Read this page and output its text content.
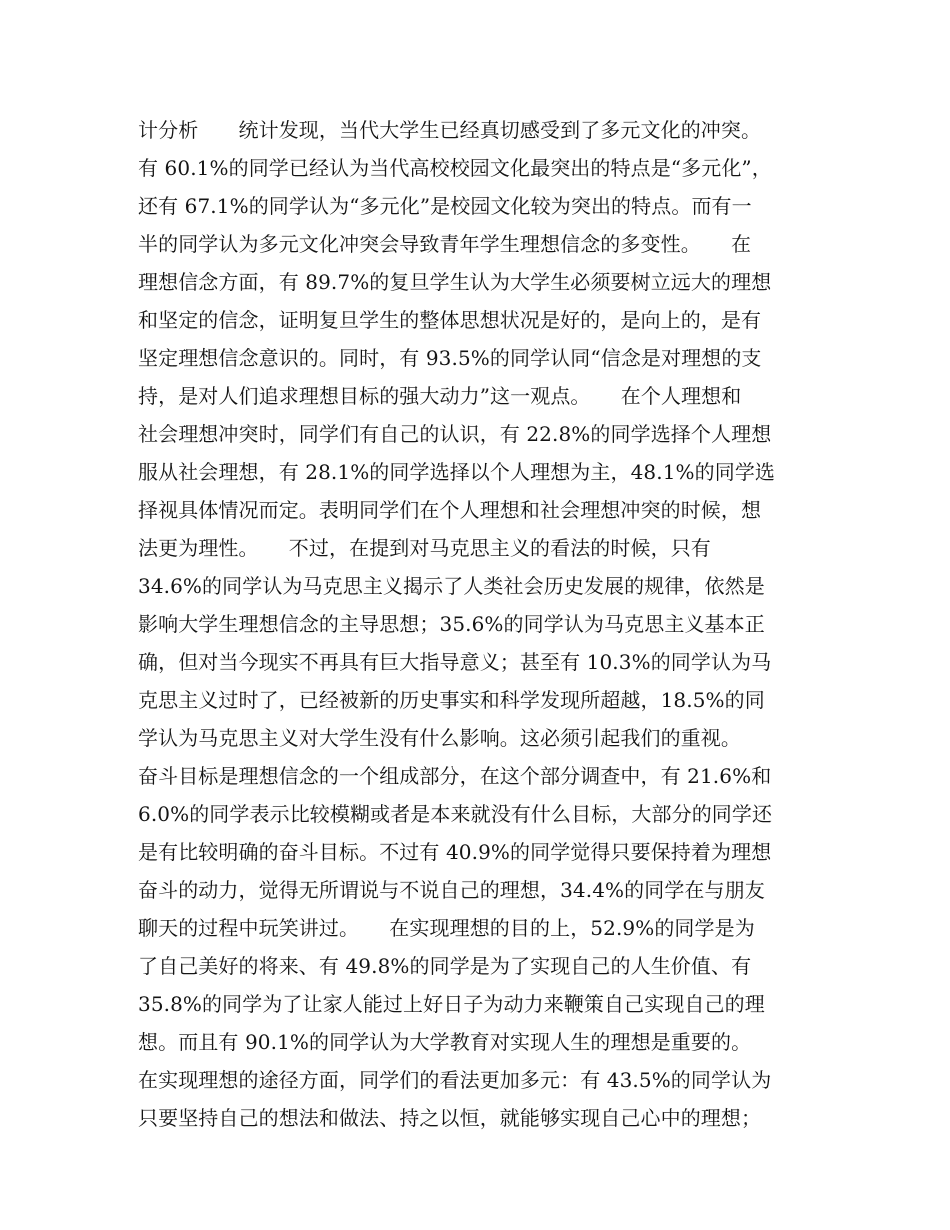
计分析　　统计发现，当代大学生已经真切感受到了多元文化的冲突。
有 60.1%的同学已经认为当代高校校园文化最突出的特点是“多元化”，
还有 67.1%的同学认为“多元化”是校园文化较为突出的特点。而有一
半的同学认为多元文化冲突会导致青年学生理想信念的多变性。　　在
理想信念方面，有 89.7%的复旦学生认为大学生必须要树立远大的理想
和坚定的信念，证明复旦学生的整体思想状况是好的，是向上的，是有
坚定理想信念意识的。同时，有 93.5%的同学认同“信念是对理想的支
持，是对人们追求理想目标的强大动力”这一观点。　　在个人理想和
社会理想冲突时，同学们有自己的认识，有 22.8%的同学选择个人理想
服从社会理想，有 28.1%的同学选择以个人理想为主，48.1%的同学选
择视具体情况而定。表明同学们在个人理想和社会理想冲突的时候，想
法更为理性。　　不过，在提到对马克思主义的看法的时候，只有
34.6%的同学认为马克思主义揭示了人类社会历史发展的规律，依然是
影响大学生理想信念的主导思想；35.6%的同学认为马克思主义基本正
确，但对当今现实不再具有巨大指导意义；甚至有 10.3%的同学认为马
克思主义过时了，已经被新的历史事实和科学发现所超越，18.5%的同
学认为马克思主义对大学生没有什么影响。这必须引起我们的重视。
奋斗目标是理想信念的一个组成部分，在这个部分调查中，有 21.6%和
6.0%的同学表示比较模糊或者是本来就没有什么目标，大部分的同学还
是有比较明确的奋斗目标。不过有 40.9%的同学觉得只要保持着为理想
奋斗的动力，觉得无所谓说与不说自己的理想，34.4%的同学在与朋友
聊天的过程中玩笑讲过。　　在实现理想的目的上，52.9%的同学是为
了自己美好的将来、有 49.8%的同学是为了实现自己的人生价值、有
35.8%的同学为了让家人能过上好日子为动力来鞭策自己实现自己的理
想。而且有 90.1%的同学认为大学教育对实现人生的理想是重要的。
在实现理想的途径方面，同学们的看法更加多元：有 43.5%的同学认为
只要坚持自己的想法和做法、持之以恒，就能够实现自己心中的理想；
